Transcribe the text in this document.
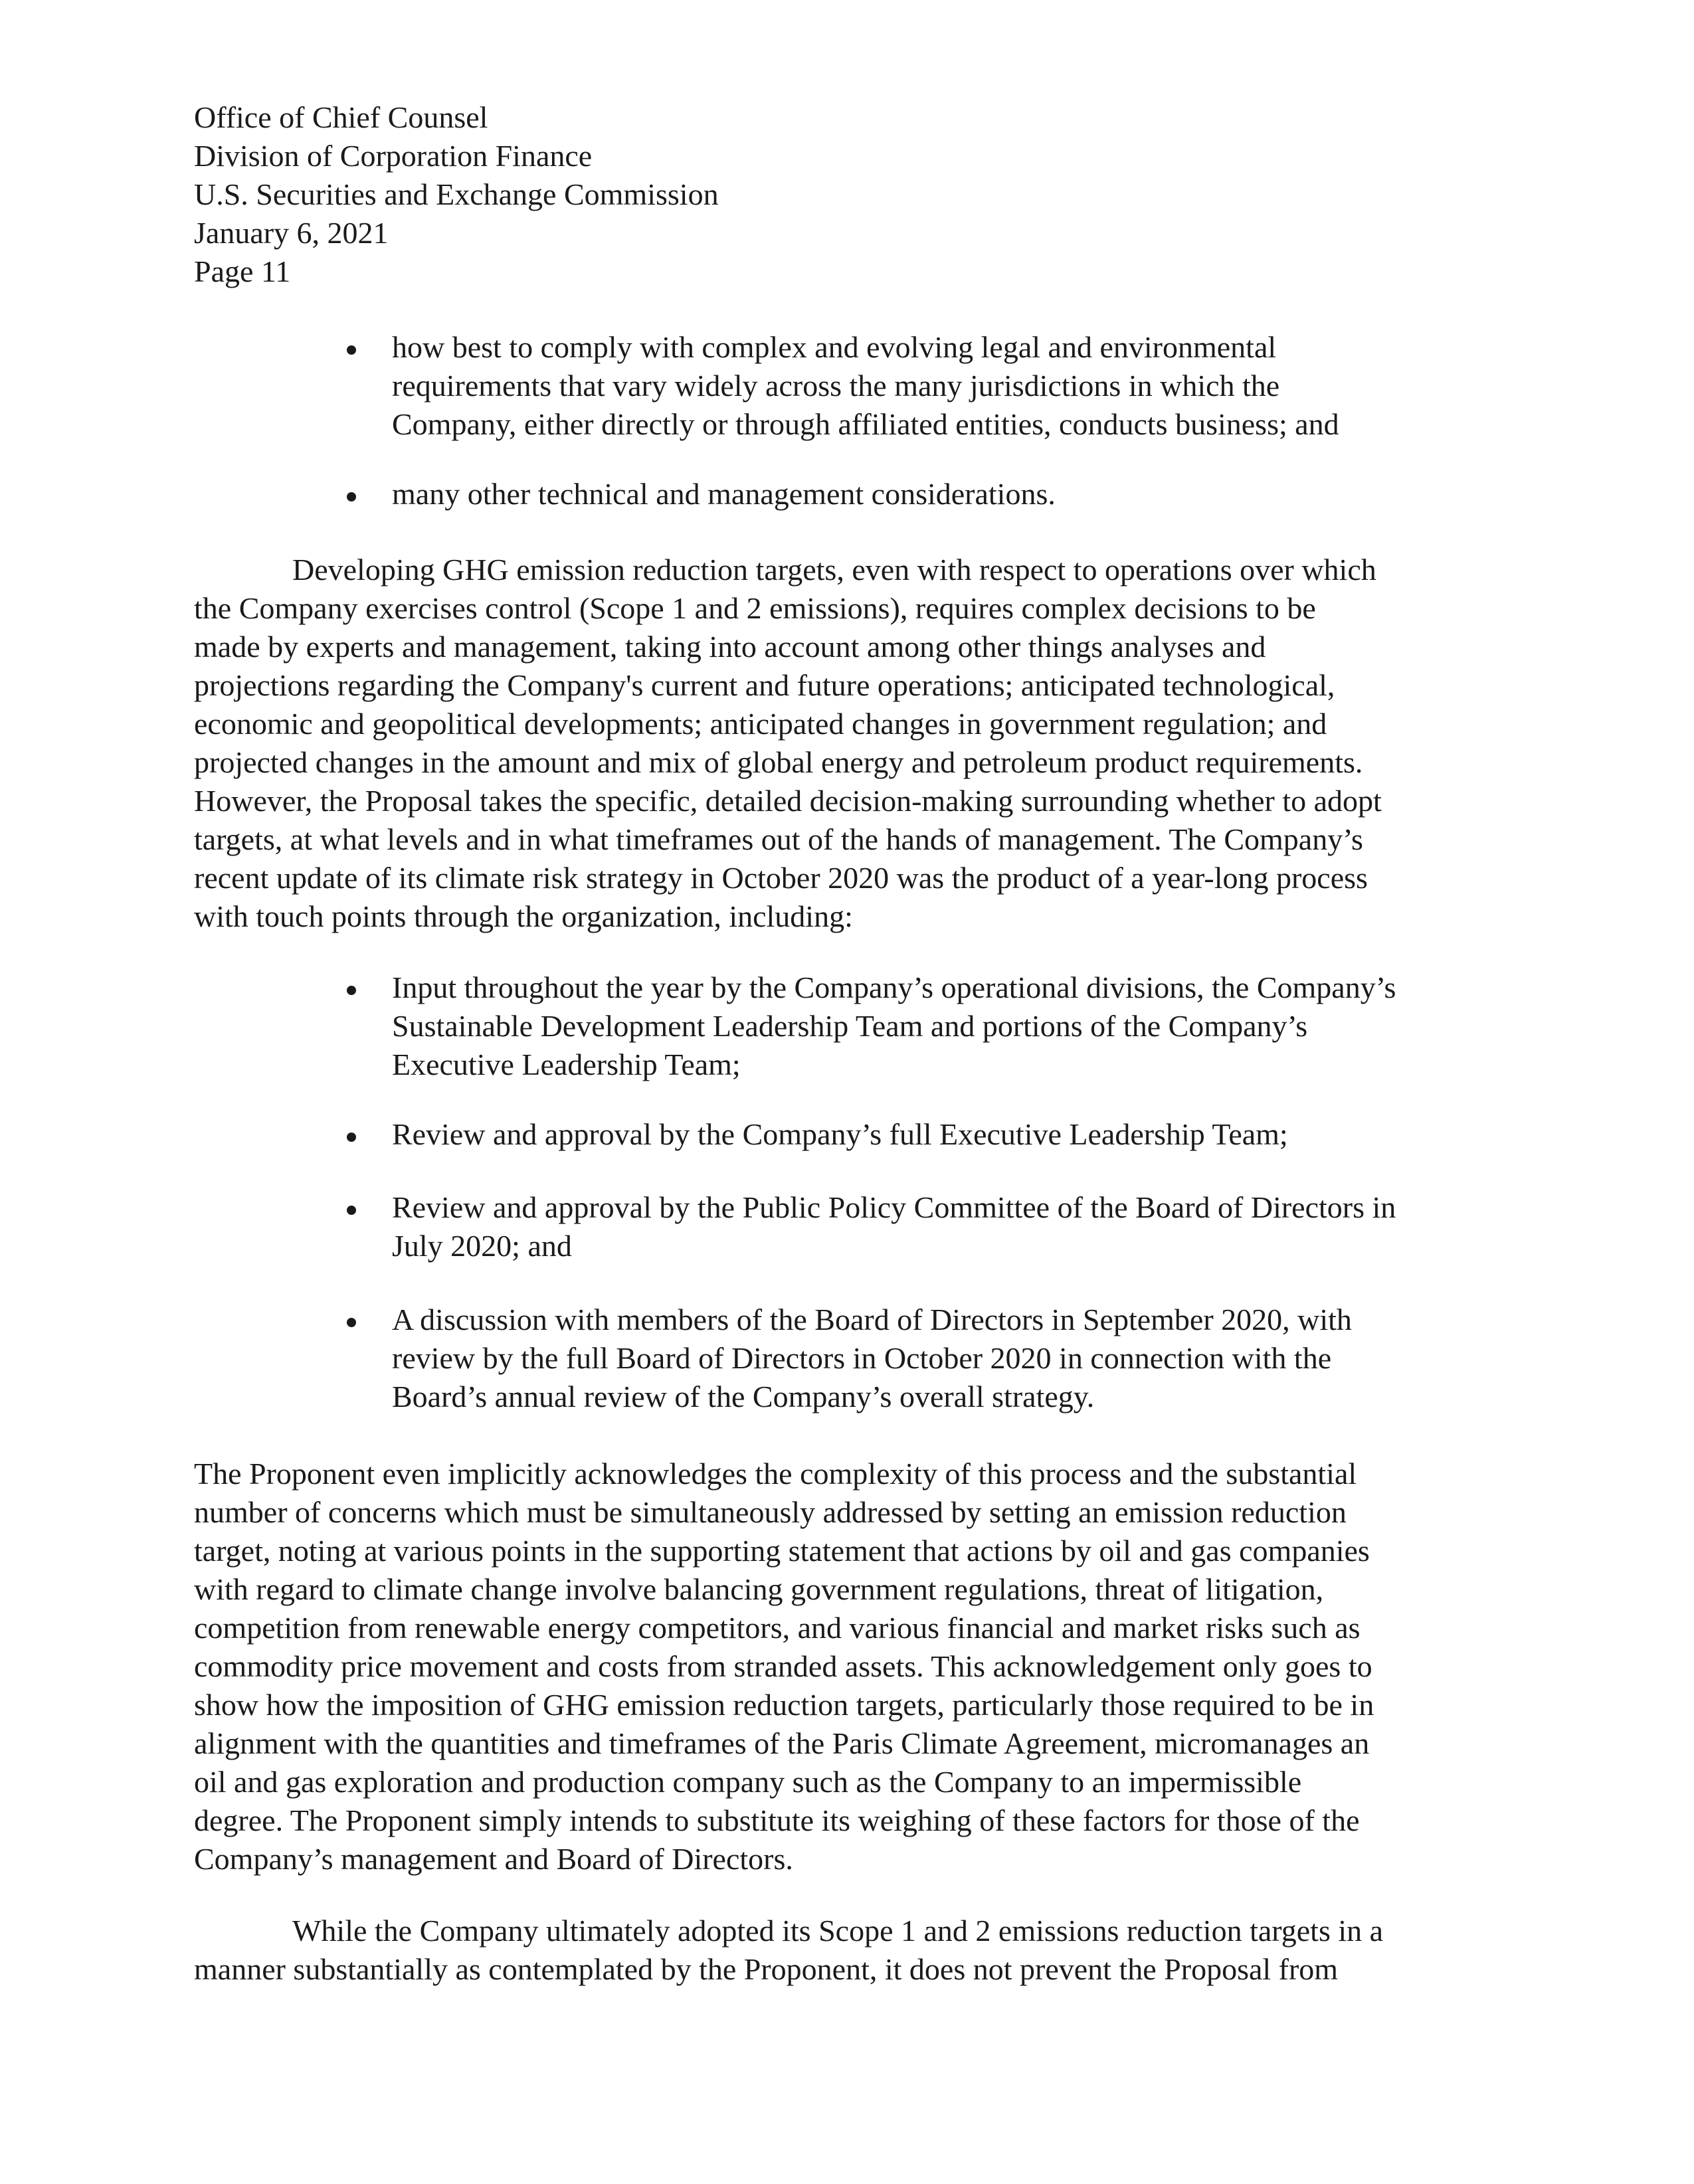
Office of Chief Counsel
Division of Corporation Finance
U.S. Securities and Exchange Commission
January 6, 2021
Page 11
how best to comply with complex and evolving legal and environmental
requirements that vary widely across the many jurisdictions in which the
Company, either directly or through affiliated entities, conducts business; and
many other technical and management considerations.
Developing GHG emission reduction targets, even with respect to operations over which
the Company exercises control (Scope 1 and 2 emissions), requires complex decisions to be
made by experts and management, taking into account among other things analyses and
projections regarding the Company's current and future operations; anticipated technological,
economic and geopolitical developments; anticipated changes in government regulation; and
projected changes in the amount and mix of global energy and petroleum product requirements.
However, the Proposal takes the specific, detailed decision-making surrounding whether to adopt
targets, at what levels and in what timeframes out of the hands of management. The Company’s
recent update of its climate risk strategy in October 2020 was the product of a year-long process
with touch points through the organization, including:
Input throughout the year by the Company’s operational divisions, the Company’s
Sustainable Development Leadership Team and portions of the Company’s
Executive Leadership Team;
Review and approval by the Company’s full Executive Leadership Team;
Review and approval by the Public Policy Committee of the Board of Directors in
July 2020; and
A discussion with members of the Board of Directors in September 2020, with
review by the full Board of Directors in October 2020 in connection with the
Board’s annual review of the Company’s overall strategy.
The Proponent even implicitly acknowledges the complexity of this process and the substantial
number of concerns which must be simultaneously addressed by setting an emission reduction
target, noting at various points in the supporting statement that actions by oil and gas companies
with regard to climate change involve balancing government regulations, threat of litigation,
competition from renewable energy competitors, and various financial and market risks such as
commodity price movement and costs from stranded assets. This acknowledgement only goes to
show how the imposition of GHG emission reduction targets, particularly those required to be in
alignment with the quantities and timeframes of the Paris Climate Agreement, micromanages an
oil and gas exploration and production company such as the Company to an impermissible
degree. The Proponent simply intends to substitute its weighing of these factors for those of the
Company’s management and Board of Directors.
While the Company ultimately adopted its Scope 1 and 2 emissions reduction targets in a
manner substantially as contemplated by the Proponent, it does not prevent the Proposal from
